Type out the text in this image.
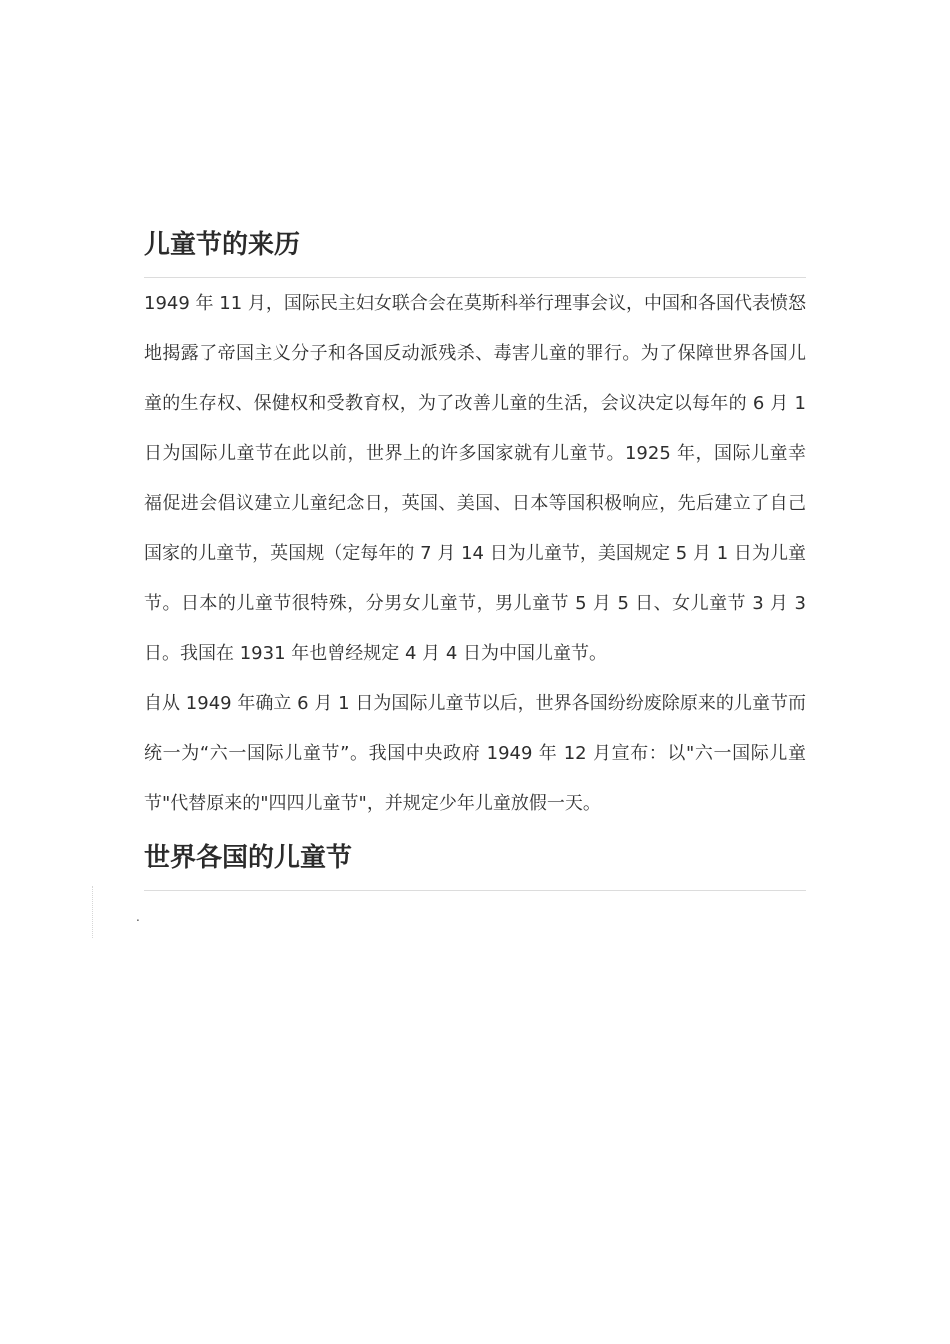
儿童节的来历

1949 年 11 月，国际民主妇女联合会在莫斯科举行理事会议，中国和各国代表愤怒地揭露了帝国主义分子和各国反动派残杀、毒害儿童的罪行。为了保障世界各国儿童的生存权、保健权和受教育权，为了改善儿童的生活，会议决定以每年的 6 月 1 日为国际儿童节在此以前，世界上的许多国家就有儿童节。1925 年，国际儿童幸福促进会倡议建立儿童纪念日，英国、美国、日本等国积极响应，先后建立了自己国家的儿童节，英国规（定每年的 7 月 14 日为儿童节，美国规定 5 月 1 日为儿童节。日本的儿童节很特殊，分男女儿童节，男儿童节 5 月 5 日、女儿童节 3 月 3 日。我国在 1931 年也曾经规定 4 月 4 日为中国儿童节。

自从 1949 年确立 6 月 1 日为国际儿童节以后，世界各国纷纷废除原来的儿童节而统一为“六一国际儿童节”。我国中央政府 1949 年 12 月宣布：以"六一国际儿童节"代替原来的"四四儿童节"，并规定少年儿童放假一天。

世界各国的儿童节
.
